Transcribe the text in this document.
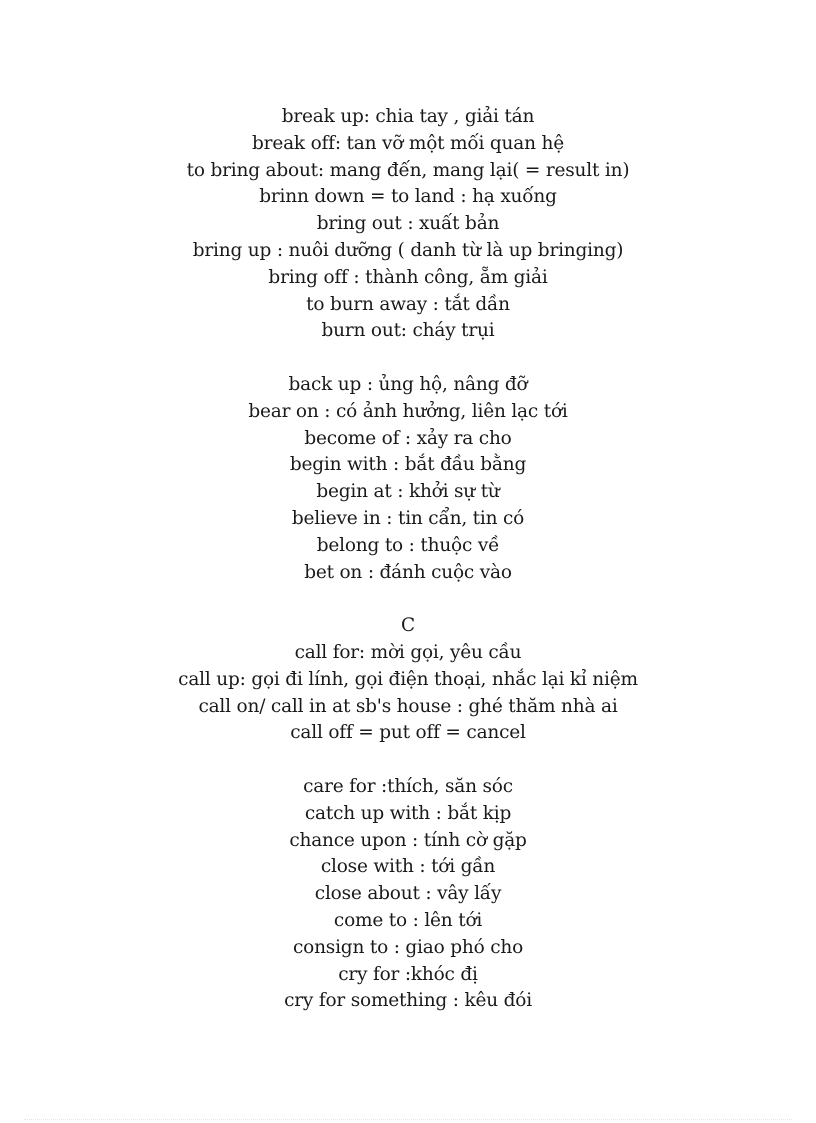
break up: chia tay , giải tán
break off: tan vỡ một mối quan hệ
to bring about: mang đến, mang lại( = result in)
brinn down = to land : hạ xuống
bring out : xuất bản
bring up : nuôi dưỡng ( danh từ là up bringing)
bring off : thành công, ẵm giải
to burn away : tắt dần
burn out: cháy trụi
back up : ủng hộ, nâng đỡ
bear on : có ảnh hưởng, liên lạc tới
become of : xảy ra cho
begin with : bắt đầu bằng
begin at : khởi sự từ
believe in : tin cẩn, tin có
belong to : thuộc về
bet on : đánh cuộc vào
C
call for: mời gọi, yêu cầu
call up: gọi đi lính, gọi điện thoại, nhắc lại kỉ niệm
call on/ call in at sb's house : ghé thăm nhà ai
call off = put off = cancel
care for :thích, săn sóc
catch up with : bắt kịp
chance upon : tính cờ gặp
close with : tới gần
close about : vây lấy
come to : lên tới
consign to : giao phó cho
cry for :khóc đị
cry for something : kêu đói
